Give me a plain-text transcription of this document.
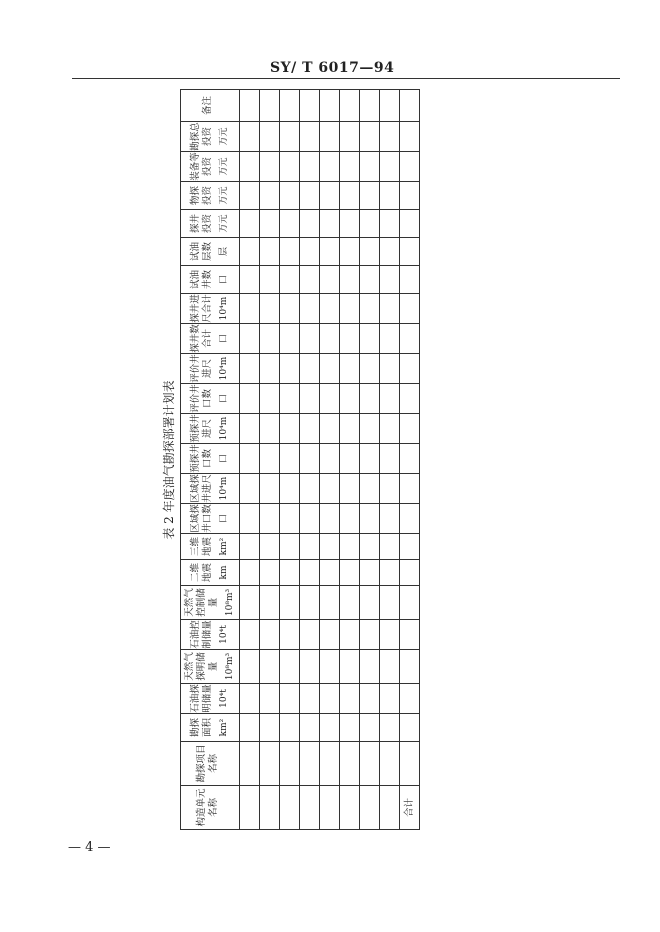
SY/ T 6017—94
表 2 年度油气勘探部署计划表
构造单元名称	勘探项目名称	勘探面积 km²	石油探明储量 10⁴t	天然气探明储量 10⁸m³	石油控制储量 10⁴t	天然气控制储量 10⁸m³	二维地震 km	三维地震 km²	区域探井口数 口	区域探井进尺 10⁴m	预探井口数 口	预探井进尺 10⁴m	评价井口数 口	评价井进尺 10⁴m	探井数合计 口	探井进尺合计 10⁴m	试油井数 口	试油层数 层	探井投资 万元	物探投资 万元	装备等投资 万元	勘探总投资 万元	备注

合计																							
— 4 —
